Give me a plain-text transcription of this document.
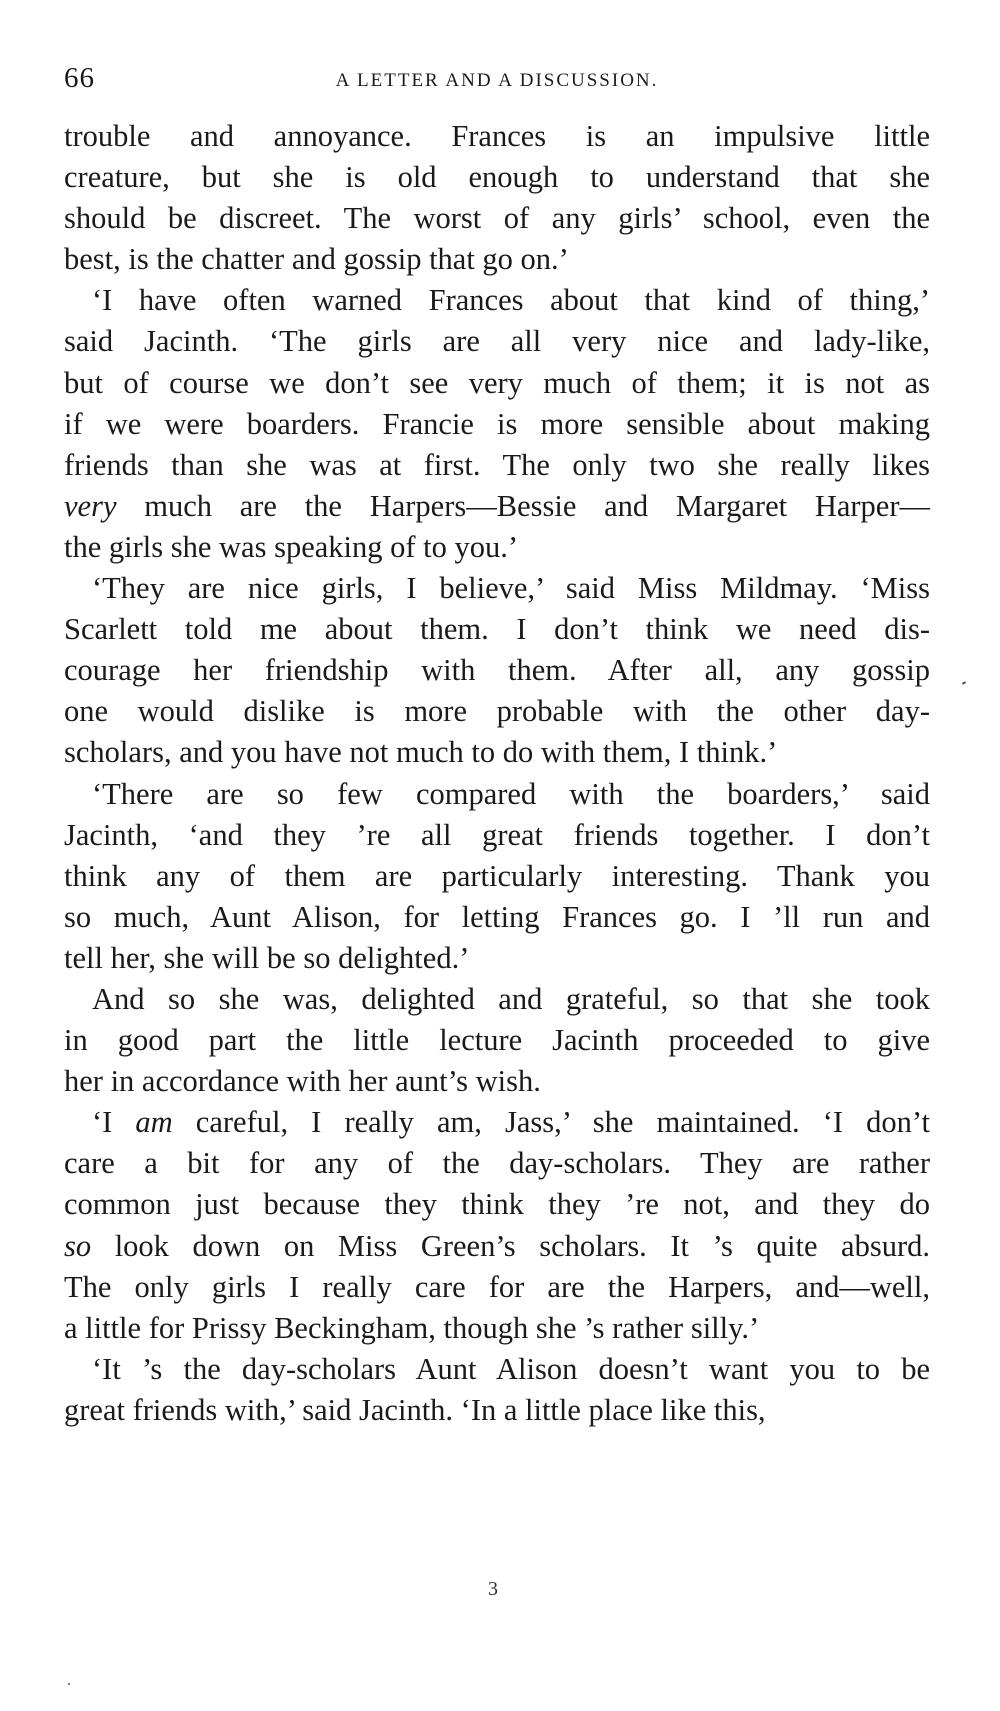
66	A LETTER AND A DISCUSSION.
trouble and annoyance. Frances is an impulsive little
creature, but she is old enough to understand that she
should be discreet. The worst of any girls’ school, even the
best, is the chatter and gossip that go on.’
‘I have often warned Frances about that kind of thing,’
said Jacinth. ‘The girls are all very nice and lady-like,
but of course we don’t see very much of them; it is not as
if we were boarders. Francie is more sensible about making
friends than she was at first. The only two she really likes
very much are the Harpers—Bessie and Margaret Harper—
the girls she was speaking of to you.’
‘They are nice girls, I believe,’ said Miss Mildmay. ‘Miss
Scarlett told me about them. I don’t think we need dis-
courage her friendship with them. After all, any gossip
one would dislike is more probable with the other day-
scholars, and you have not much to do with them, I think.’
‘There are so few compared with the boarders,’ said
Jacinth, ‘and they ’re all great friends together. I don’t
think any of them are particularly interesting. Thank you
so much, Aunt Alison, for letting Frances go. I ’ll run and
tell her, she will be so delighted.’
And so she was, delighted and grateful, so that she took
in good part the little lecture Jacinth proceeded to give
her in accordance with her aunt’s wish.
‘I am careful, I really am, Jass,’ she maintained. ‘I don’t
care a bit for any of the day-scholars. They are rather
common just because they think they ’re not, and they do
so look down on Miss Green’s scholars. It ’s quite absurd.
The only girls I really care for are the Harpers, and—well,
a little for Prissy Beckingham, though she ’s rather silly.’
‘It ’s the day-scholars Aunt Alison doesn’t want you to be
great friends with,’ said Jacinth. ‘In a little place like this,
3
